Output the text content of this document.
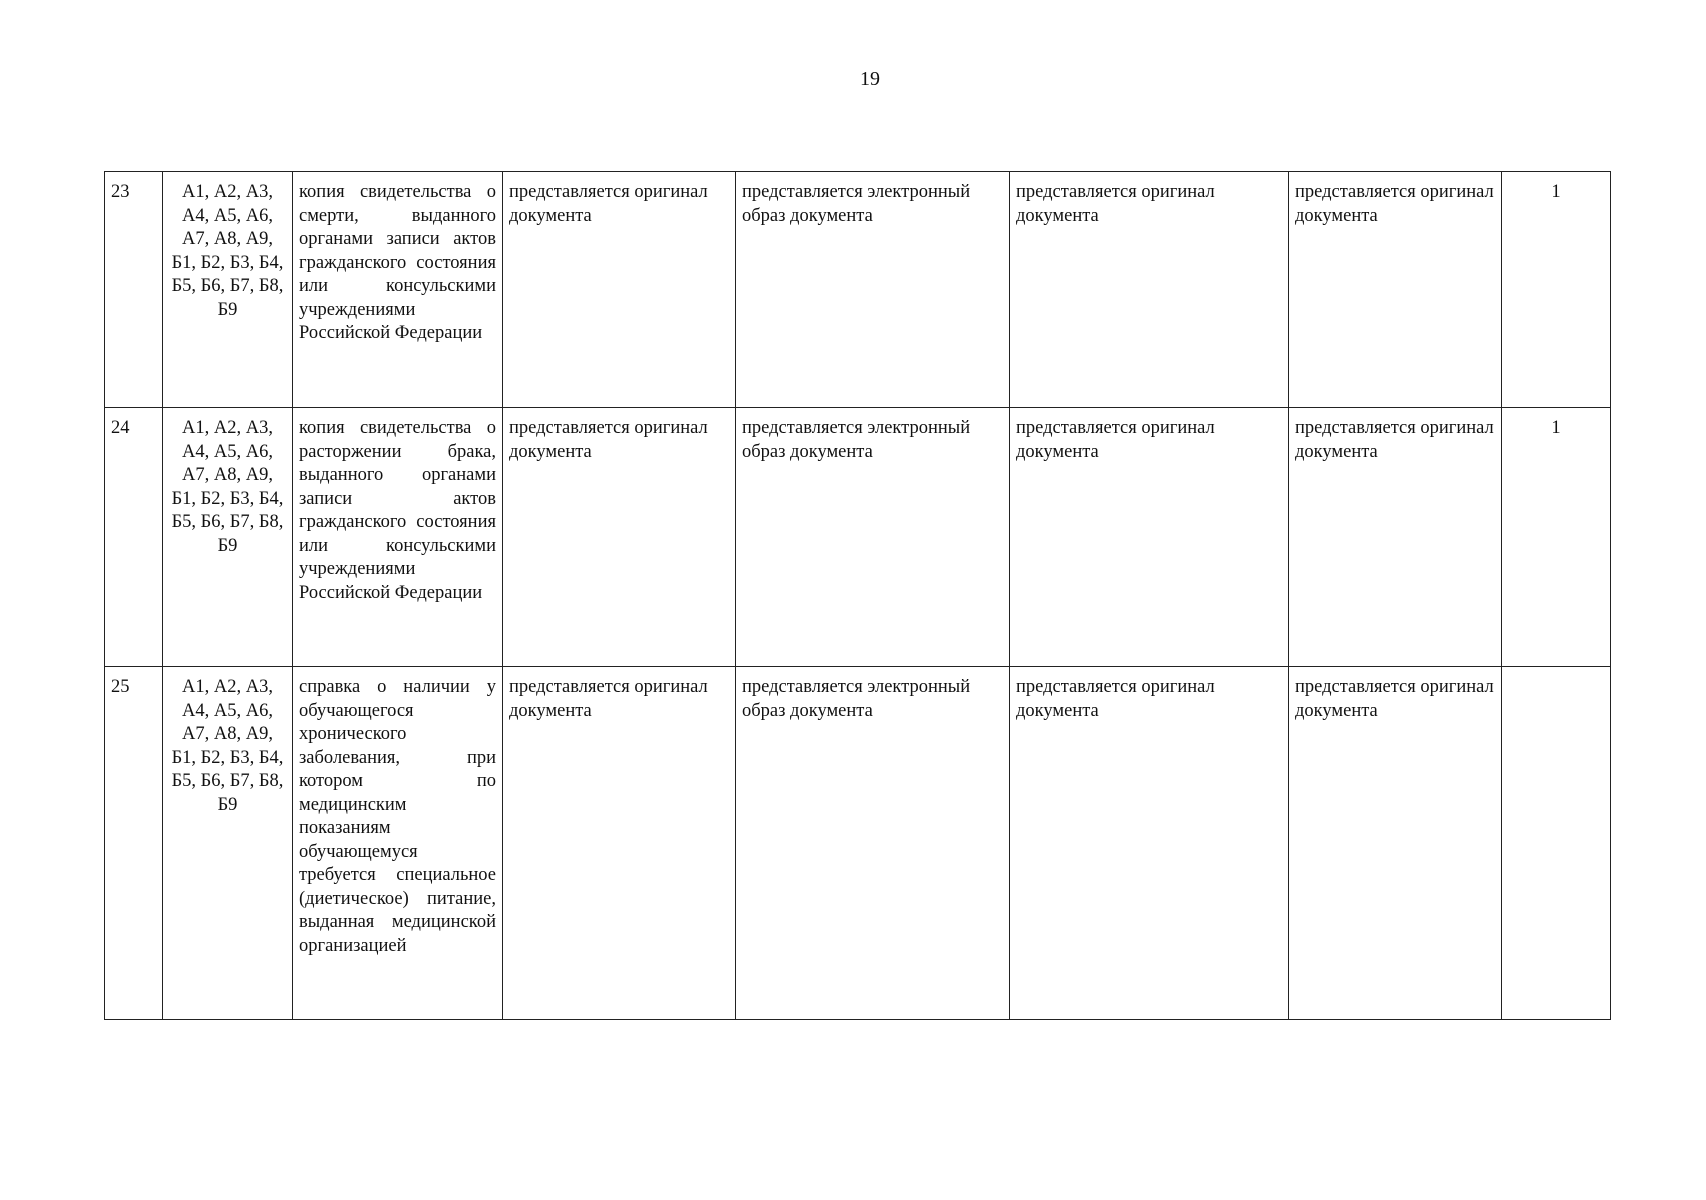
19
23	А1, А2, А3, А4, А5, А6, А7, А8, А9, Б1, Б2, Б3, Б4, Б5, Б6, Б7, Б8, Б9	копия свидетельства о смерти, выданного органами записи актов гражданского состояния или консульскими учреждениями Российской Федерации	представляется оригинал документа	представляется электронный образ документа	представляется оригинал документа	представляется оригинал документа	1
24	А1, А2, А3, А4, А5, А6, А7, А8, А9, Б1, Б2, Б3, Б4, Б5, Б6, Б7, Б8, Б9	копия свидетельства о расторжении брака, выданного органами записи актов гражданского состояния или консульскими учреждениями Российской Федерации	представляется оригинал документа	представляется электронный образ документа	представляется оригинал документа	представляется оригинал документа	1
25	А1, А2, А3, А4, А5, А6, А7, А8, А9, Б1, Б2, Б3, Б4, Б5, Б6, Б7, Б8, Б9	справка о наличии у обучающегося хронического заболевания, при котором по медицинским показаниям обучающемуся требуется специальное (диетическое) питание, выданная медицинской организацией	представляется оригинал документа	представляется электронный образ документа	представляется оригинал документа	представляется оригинал документа	
